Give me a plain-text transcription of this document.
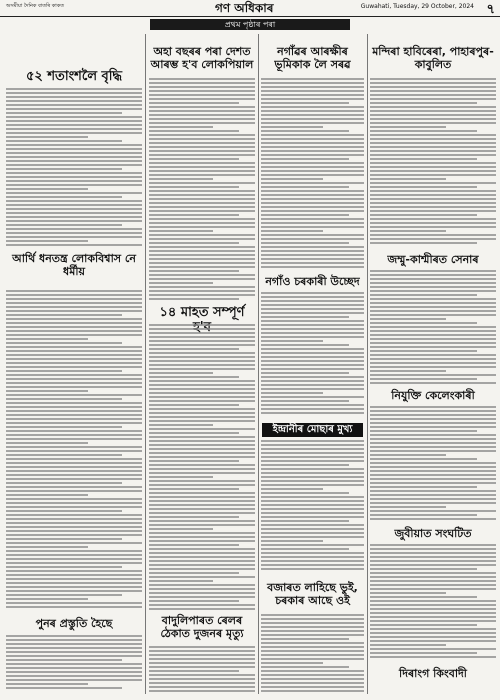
অসমীয়া দৈনিক বাতৰি কাকত	গণ অধিকাৰ	Guwahati, Tuesday, 29 October, 2024 ৭
প্ৰথম পৃষ্ঠাৰ পৰা
৫২ শতাংশলৈ বৃদ্ধি
আৰ্থি ধনতন্ত্ৰ লোকবিশ্বাস নে ধৰ্মীয়
পুনৰ প্ৰস্তুতি হৈছে
অহা বছৰৰ পৰা দেশত আৰম্ভ হ'ব লোকপিয়াল
১৪ মাহত সম্পূৰ্ণ
বাদুলিপাৰত ৰেলৰ ঠেকাত দুজনৰ মৃত্যু
নগাঁৱৰ আৰক্ষীৰ ভূমিকাক লৈ সৰৱ
নগাঁও চৰকাৰী উচ্ছেদ
ইন্দ্ৰানীৰ মোছাৰ মুখ্য
বজাৰত লাহিছে ভুই, চৰকাৰ আছে ওই
মন্দিৰা হাবিৰেৰা, পাহাৰপুৰ-কাবুলিত
জম্মু-কাশ্মীৰত সেনাৰ
নিযুক্তি কেলেংকাৰী
জুবীয়াত সংঘটিত
দিৰাংগ কিংবাদী
